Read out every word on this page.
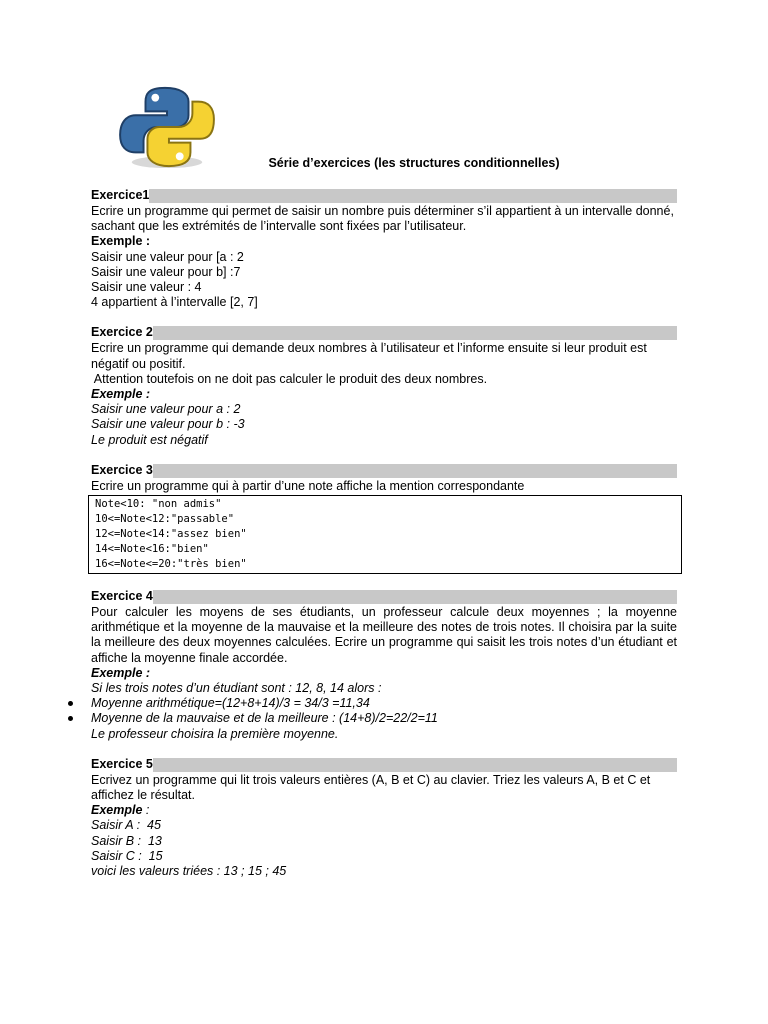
Série d’exercices (les structures conditionnelles)
Exercice1

Ecrire un programme qui permet de saisir un nombre puis déterminer s’il appartient à un intervalle donné, sachant que les extrémités de l’intervalle sont fixées par l’utilisateur.

Exemple :

Saisir une valeur pour [a : 2

Saisir une valeur pour b] :7

Saisir une valeur : 4

4 appartient à l’intervalle [2, 7]

Exercice 2

Ecrire un programme qui demande deux nombres à l’utilisateur et l’informe ensuite si leur produit est négatif ou positif.

Attention toutefois on ne doit pas calculer le produit des deux nombres.

Exemple :

Saisir une valeur pour a : 2

Saisir une valeur pour b : -3

Le produit est négatif

Exercice 3

Ecrire un programme qui à partir d’une note affiche la mention correspondante

Note<10: "non admis"
10<=Note<12:"passable"
12<=Note<14:"assez bien"
14<=Note<16:"bien"
16<=Note<=20:"très bien"
Exercice 4

Pour calculer les moyens de ses étudiants, un professeur calcule deux moyennes ; la moyenne arithmétique et la moyenne de la mauvaise et la meilleure des notes de trois notes. Il choisira par la suite la meilleure des deux moyennes calculées. Ecrire un programme qui saisit les trois notes d’un étudiant et affiche la moyenne finale accordée.

Exemple :

Si les trois notes d’un étudiant sont : 12, 8, 14 alors :

Moyenne arithmétique=(12+8+14)/3 = 34/3 =11,34

Moyenne de la mauvaise et de la meilleure : (14+8)/2=22/2=11

Le professeur choisira la première moyenne.

Exercice 5

Ecrivez un programme qui lit trois valeurs entières (A, B et C) au clavier. Triez les valeurs A, B et C et affichez le résultat.

Exemple :

Saisir A :  45

Saisir B :  13

Saisir C :  15

voici les valeurs triées : 13 ; 15 ; 45
